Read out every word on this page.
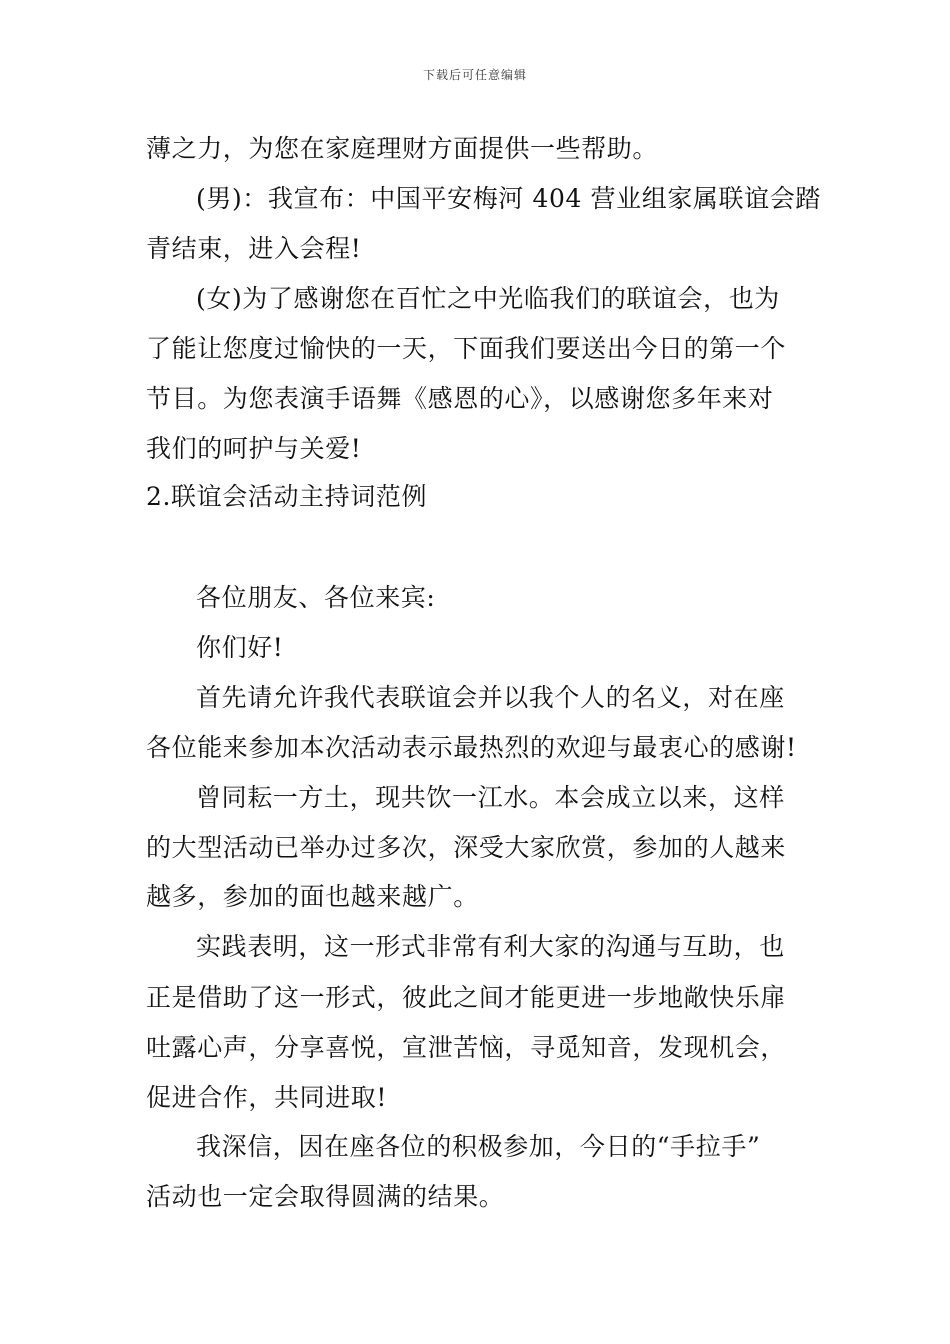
下载后可任意编辑
薄之力，为您在家庭理财方面提供一些帮助。
(男)：我宣布：中国平安梅河 404 营业组家属联谊会踏
青结束，进入会程!
(女)为了感谢您在百忙之中光临我们的联谊会，也为
了能让您度过愉快的一天，下面我们要送出今日的第一个
节目。为您表演手语舞《感恩的心》，以感谢您多年来对
我们的呵护与关爱!
2.联谊会活动主持词范例
各位朋友、各位来宾:
你们好!
首先请允许我代表联谊会并以我个人的名义，对在座
各位能来参加本次活动表示最热烈的欢迎与最衷心的感谢!
曾同耘一方土，现共饮一江水。本会成立以来，这样
的大型活动已举办过多次，深受大家欣赏，参加的人越来
越多，参加的面也越来越广。
实践表明，这一形式非常有利大家的沟通与互助，也
正是借助了这一形式，彼此之间才能更进一步地敞快乐扉
吐露心声，分享喜悦，宣泄苦恼，寻觅知音，发现机会，
促进合作，共同进取!
我深信，因在座各位的积极参加，今日的“手拉手”
活动也一定会取得圆满的结果。
